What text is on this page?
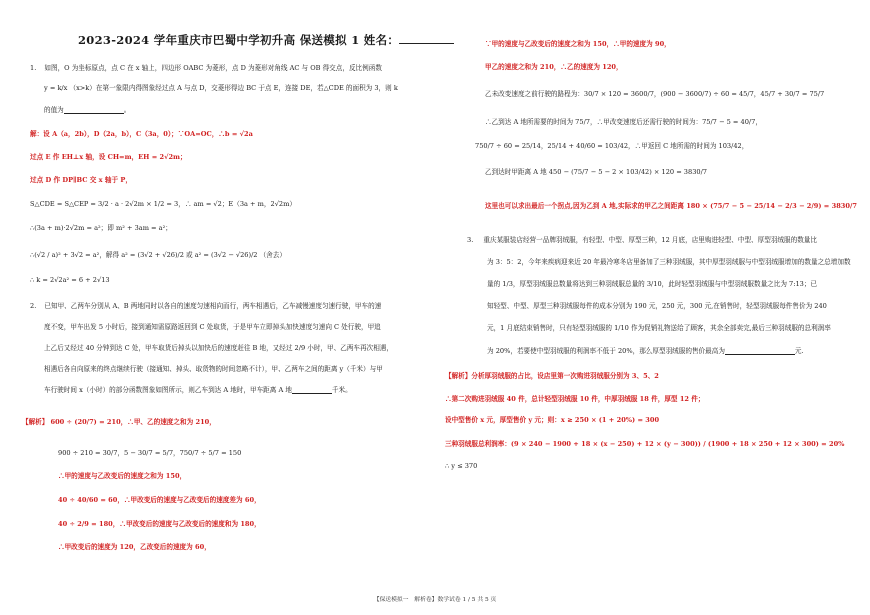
2023-2024 学年重庆市巴蜀中学初升高 保送模拟 1 姓名：
1. 如图，O 为坐标原点，点 C 在 x 轴上，四边形 OABC 为菱形，点 D 为菱形对角线 AC 与 OB 得交点，反比例函数
y = k/x （x>k）在第一象限内得图象经过点 A 与点 D，交菱形得边 BC 于点 E，连接 DE，若△CDE 的面积为 3，则 k
的值为	。
解：设 A（a，2b），D（2a，b），C（3a，0）；∵OA=OC，∴b = √2a
过点 E 作 EH⊥x 轴，设 CH=m，EH = 2√2m；
过点 D 作 DP∥BC 交 x 轴于 P，
S△CDE = S△CEP = 3/2 · a · 2√2m × 1/2 = 3，∴ am = √2；E（3a + m，2√2m）
∴(3a + m)·2√2m = a²；即 m² + 3am = a²；
∴(√2 / a)² + 3√2 = a²，解得 a² = (3√2 + √26)/2 或 a² = (3√2 − √26)/2 （舍去）
∴ k = 2√2a² = 6 + 2√13
2. 已知甲、乙两车分别从 A、B 两地同时以各自的速度匀速相向而行，两车相遇后，乙车减慢速度匀速行驶，甲车的速
度不变，甲车出发 5 小时后，接到通知需原路返回到 C 处取货，于是甲车立即掉头加快速度匀速向 C 处行驶，甲追
上乙后又经过 40 分钟到达 C 处，甲车取货后掉头以加快后的速度赶往 B 地，又经过 2/9 小时，甲、乙两车再次相遇，
相遇后各自向原来的终点继续行驶（接通知、掉头、取货物的时间忽略不计），甲、乙两车之间的距离 y（千米）与甲
车行驶时间 x（小时）的部分函数图象如图所示，则乙车到达 A 地时，甲车距离 A 地	千米。
【解析】 600 ÷ (20/7) = 210，∴甲、乙的速度之和为 210，
900 ÷ 210 = 30/7，5 − 30/7 = 5/7，750/7 ÷ 5/7 = 150
∴甲的速度与乙改变后的速度之和为 150，
40 ÷ 40/60 = 60，∴甲改变后的速度与乙改变后的速度差为 60，
40 ÷ 2/9 = 180，∴甲改变后的速度与乙改变后的速度和为 180，
∴甲改变后的速度为 120，乙改变后的速度为 60，
∵甲的速度与乙改变后的速度之和为 150，∴甲的速度为 90，
甲乙的速度之和为 210，∴乙的速度为 120，
乙未改变速度之前行驶的路程为：30/7 × 120 = 3600/7，(900 − 3600/7) ÷ 60 = 45/7，45/7 + 30/7 = 75/7
∴乙到达 A 地所需要的时间为 75/7，∴甲改变速度后还需行驶的时间为：75/7 − 5 = 40/7，
750/7 ÷ 60 = 25/14，25/14 + 40/60 = 103/42，∴甲返回 C 地所需的时间为 103/42，
乙到达时甲距离 A 地 450 − (75/7 − 5 − 2 × 103/42) × 120 = 3830/7
这里也可以求出最后一个拐点,因为乙到 A 地,实际求的甲乙之间距离 180 × (75/7 − 5 − 25/14 − 2/3 − 2/9) = 3830/7
3. 重庆某服装店经营一品牌羽绒服，有轻型、中型、厚型三种，12 月底，店里购进轻型、中型、厚型羽绒服的数量比
为 3：5：2，今年来疾病迎来近 20 年最冷寒冬店里备加了三种羽绒服，其中厚型羽绒服与中型羽绒服增加的数量之总增加数
量的 1/3，厚型羽绒服总数量将达到三种羽绒服总量的 3/10，此时轻型羽绒服与中型羽绒服数量之比为 7:13；已
知轻型、中型、厚型三种羽绒服每件的成本分别为 190 元，250 元，300 元,在销售时，轻型羽绒服每件售价为 240
元，1 月底结束销售时，只有轻型羽绒服的 1/10 作为促销礼物送给了顾客，其余全部卖完,最后三种羽绒服的总利润率
为 20%，若要使中型羽绒服的利润率不低于 20%，那么厚型羽绒服的售价最高为	元.
【解析】分析厚羽绒服的占比，设店里第一次购进羽绒服分别为 3、5、2
∴第二次购进羽绒服 40 件，总计轻型羽绒服 10 件，中厚羽绒服 18 件，厚型 12 件；
设中型售价 x 元，厚型售价 y 元；则：x ≥ 250 × (1 + 20%) = 300
三种羽绒服总利润率：(9 × 240 − 1900 + 18 × (x − 250) + 12 × (y − 300)) / (1900 + 18 × 250 + 12 × 300) = 20%
∴ y ≤ 370
【保送模拟一　解析卷】数学试卷 1 / 5 共 5 页
